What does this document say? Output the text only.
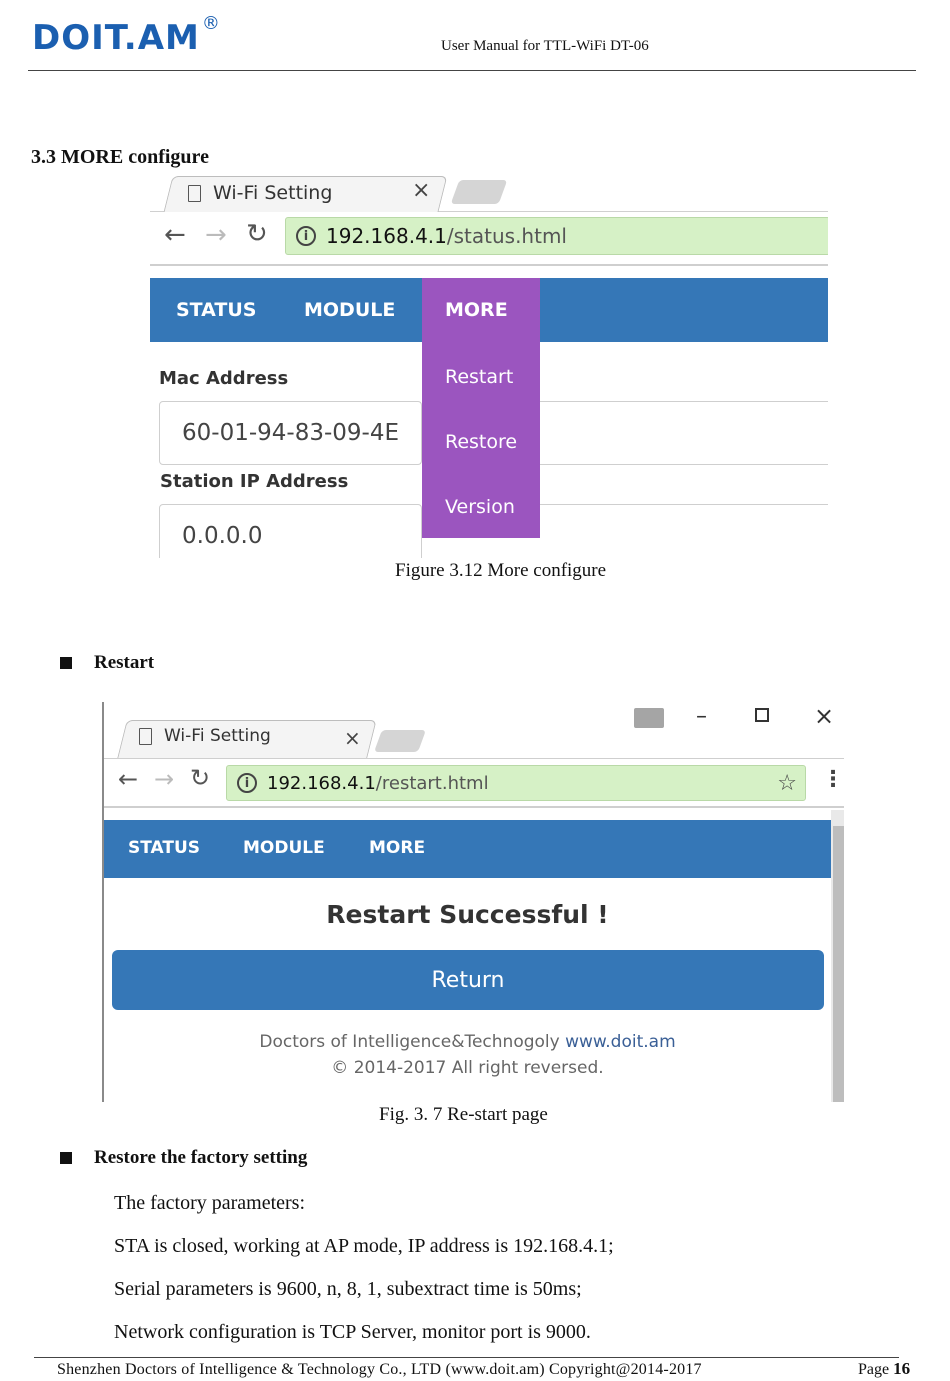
DOIT.AM ®
User Manual for TTL-WiFi DT-06
3.3 MORE configure
Wi-Fi Setting	×
← → ↻	i 192.168.4.1/status.html
STATUS	MODULE	MORE
Restart
Restore
Version
Mac Address
60-01-94-83-09-4E
Station IP Address
0.0.0.0
Figure 3.12 More configure
Restart
–	×
Wi-Fi Setting	×
← → ↻	i 192.168.4.1/restart.html	☆ ⋮
STATUS	MODULE	MORE
Restart Successful !
Return
Doctors of Intelligence&Technogoly www.doit.am
© 2014-2017 All right reversed.
Fig. 3. 7 Re-start page
Restore the factory setting
The factory parameters:
STA is closed, working at AP mode, IP address is 192.168.4.1;
Serial parameters is 9600, n, 8, 1, subextract time is 50ms;
Network configuration is TCP Server, monitor port is 9000.
Shenzhen Doctors of Intelligence & Technology Co., LTD (www.doit.am) Copyright@2014-2017	Page 16
